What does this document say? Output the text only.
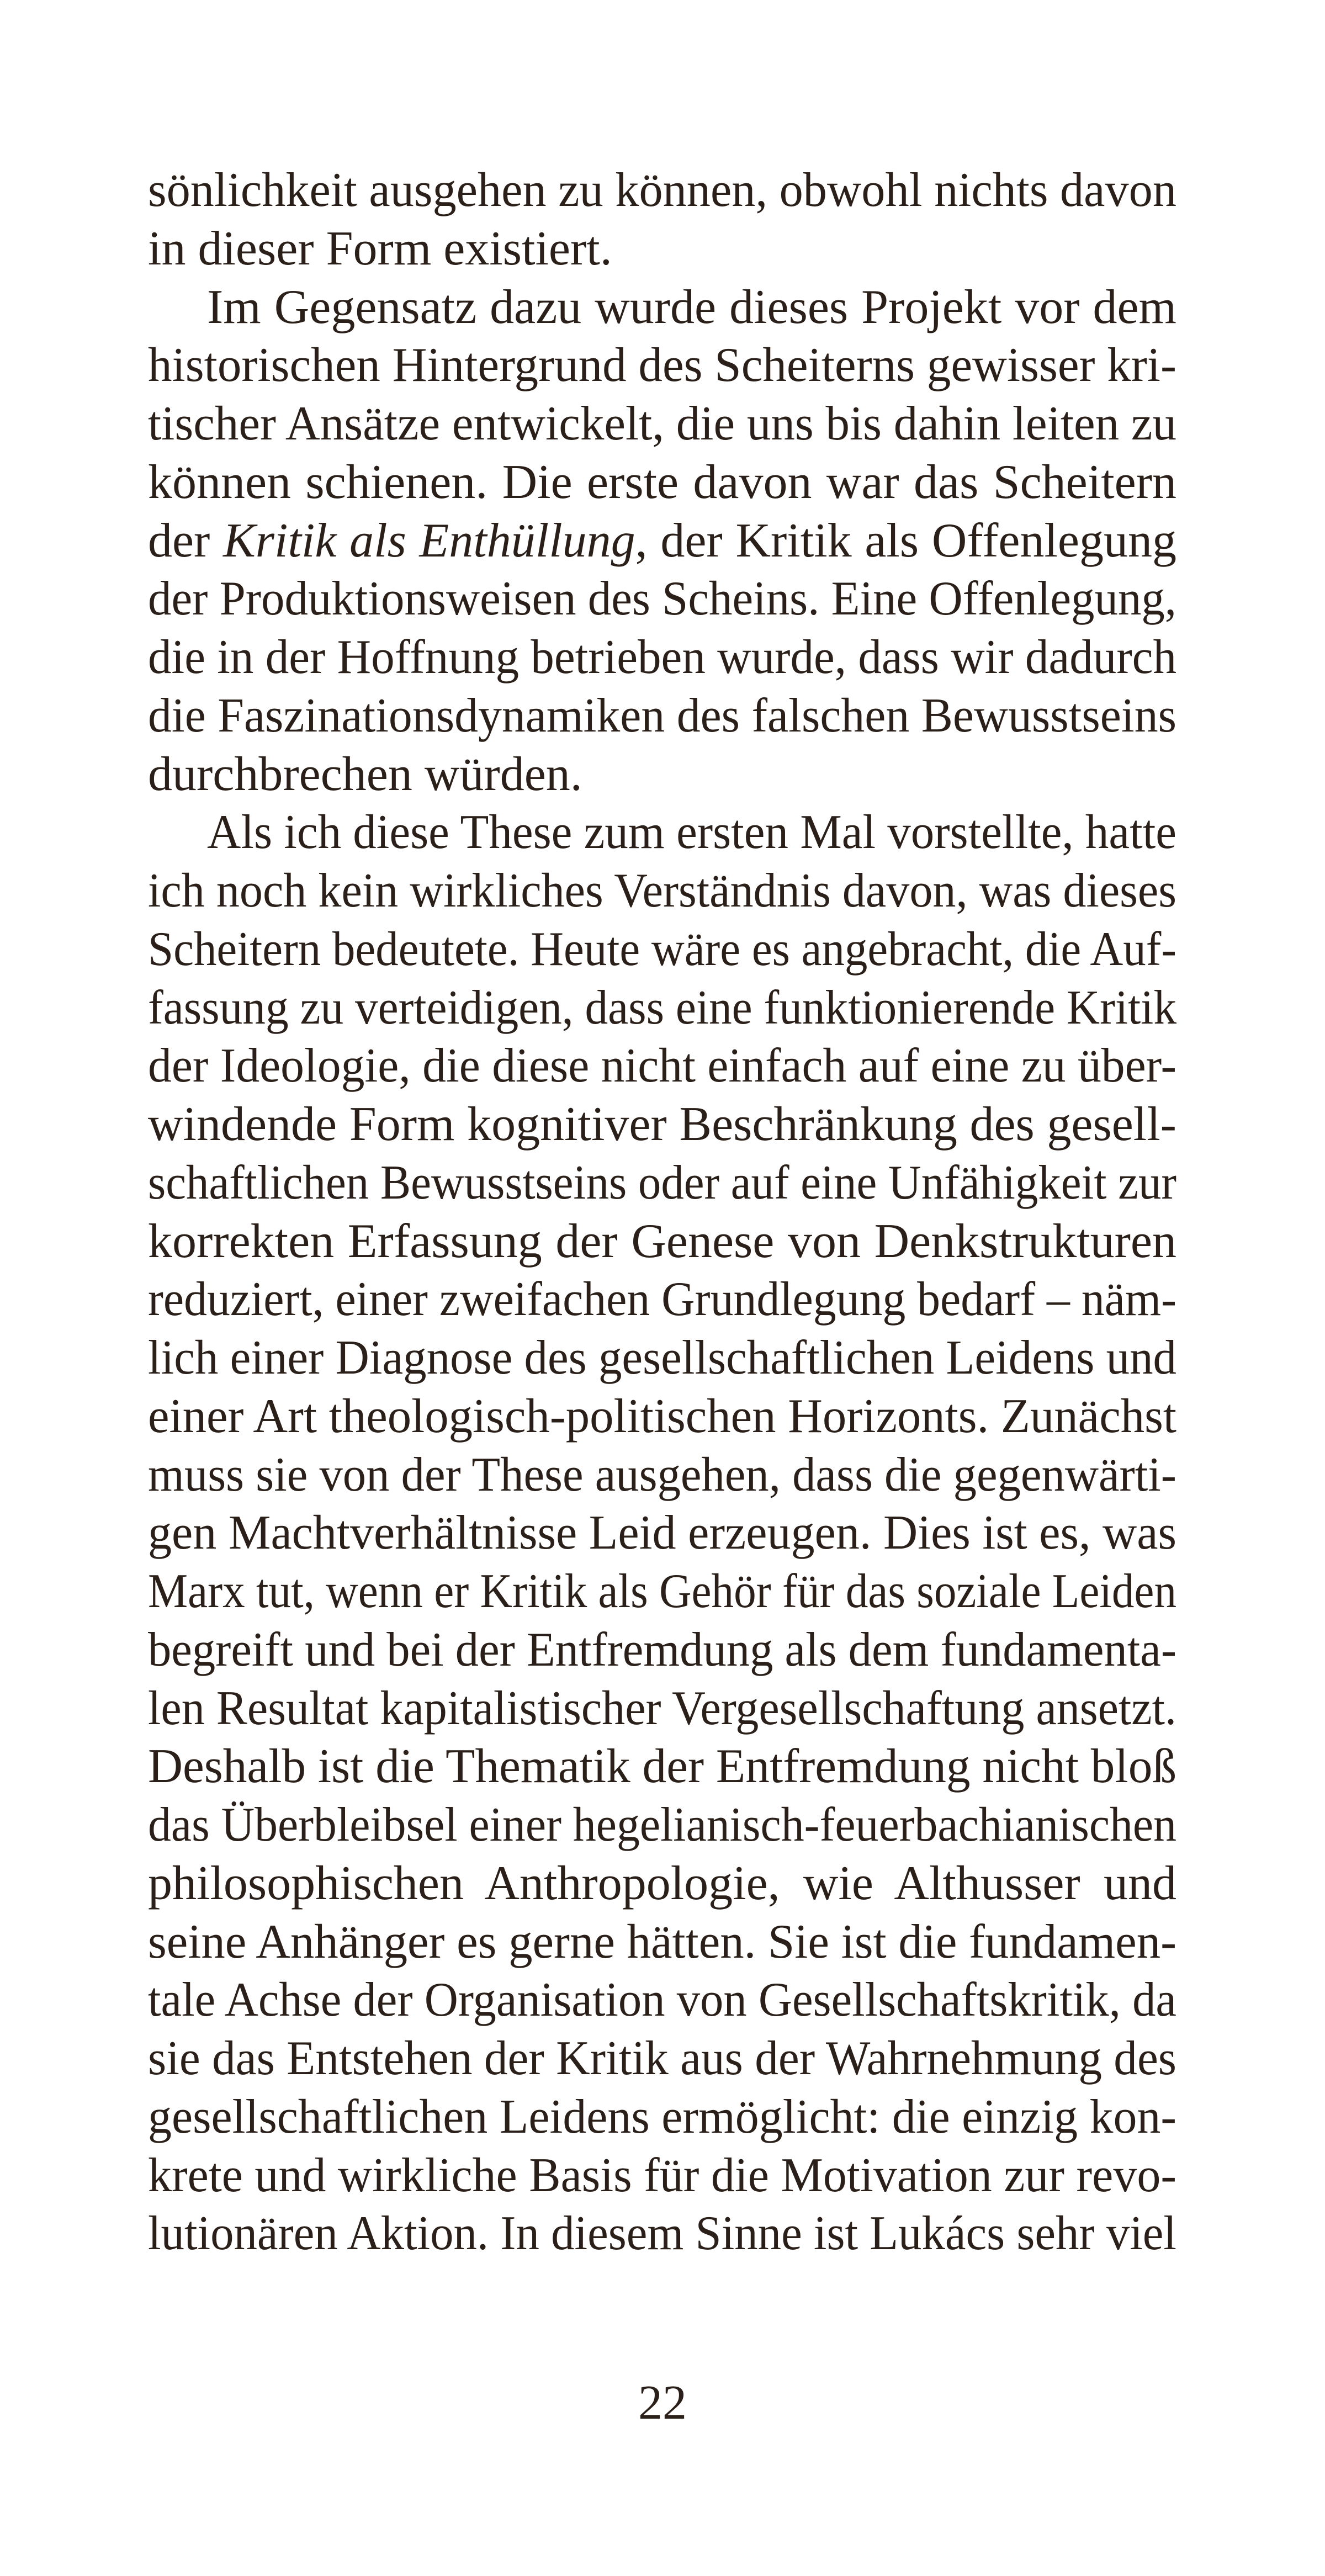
sönlichkeit ausgehen zu können, obwohl nichts davon
in dieser Form existiert.
Im Gegensatz dazu wurde dieses Projekt vor dem
historischen Hintergrund des Scheiterns gewisser kri-
tischer Ansätze entwickelt, die uns bis dahin leiten zu
können schienen. Die erste davon war das Scheitern
der Kritik als Enthüllung, der Kritik als Offenlegung
der Produktionsweisen des Scheins. Eine Offenlegung,
die in der Hoffnung betrieben wurde, dass wir dadurch
die Faszinationsdynamiken des falschen Bewusstseins
durchbrechen würden.
Als ich diese These zum ersten Mal vorstellte, hatte
ich noch kein wirkliches Verständnis davon, was dieses
Scheitern bedeutete. Heute wäre es angebracht, die Auf-
fassung zu verteidigen, dass eine funktionierende Kritik
der Ideologie, die diese nicht einfach auf eine zu über-
windende Form kognitiver Beschränkung des gesell-
schaftlichen Bewusstseins oder auf eine Unfähigkeit zur
korrekten Erfassung der Genese von Denkstrukturen
reduziert, einer zweifachen Grundlegung bedarf – näm-
lich einer Diagnose des gesellschaftlichen Leidens und
einer Art theologisch-politischen Horizonts. Zunächst
muss sie von der These ausgehen, dass die gegenwärti-
gen Machtverhältnisse Leid erzeugen. Dies ist es, was
Marx tut, wenn er Kritik als Gehör für das soziale Leiden
begreift und bei der Entfremdung als dem fundamenta-
len Resultat kapitalistischer Vergesellschaftung ansetzt.
Deshalb ist die Thematik der Entfremdung nicht bloß
das Überbleibsel einer hegelianisch-feuerbachianischen
philosophischen Anthropologie, wie Althusser und
seine Anhänger es gerne hätten. Sie ist die fundamen-
tale Achse der Organisation von Gesellschaftskritik, da
sie das Entstehen der Kritik aus der Wahrnehmung des
gesellschaftlichen Leidens ermöglicht: die einzig kon-
krete und wirkliche Basis für die Motivation zur revo-
lutionären Aktion. In diesem Sinne ist Lukács sehr viel
22
